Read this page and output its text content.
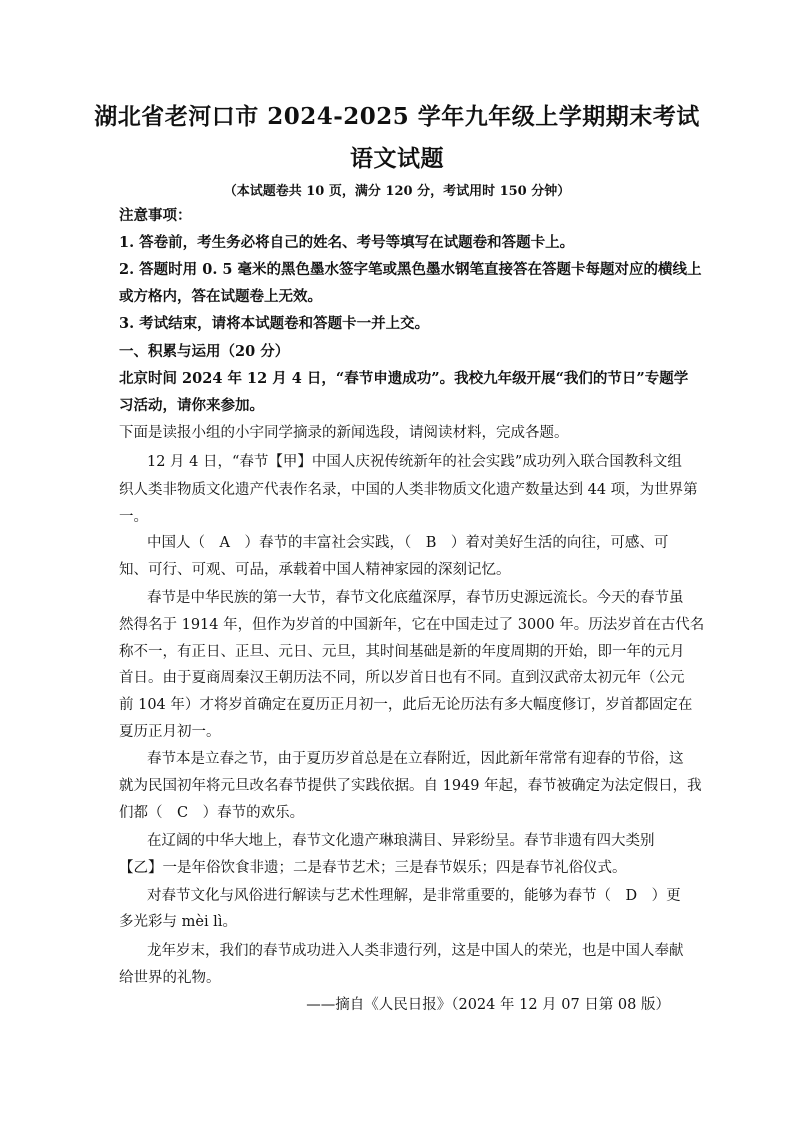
湖北省老河口市 2024-2025 学年九年级上学期期末考试
语文试题
（本试题卷共 10 页，满分 120 分，考试用时 150 分钟）
注意事项：
1. 答卷前，考生务必将自己的姓名、考号等填写在试题卷和答题卡上。
2. 答题时用 0. 5 毫米的黑色墨水签字笔或黑色墨水钢笔直接答在答题卡每题对应的横线上
或方格内，答在试题卷上无效。
3. 考试结束，请将本试题卷和答题卡一并上交。
一、积累与运用（20 分）
北京时间 2024 年 12 月 4 日，“春节申遗成功”。我校九年级开展“我们的节日”专题学
习活动，请你来参加。
下面是读报小组的小宇同学摘录的新闻选段，请阅读材料，完成各题。
12 月 4 日，“春节【甲】中国人庆祝传统新年的社会实践”成功列入联合国教科文组
织人类非物质文化遗产代表作名录，中国的人类非物质文化遗产数量达到 44 项，为世界第
一。
中国人（　A　）春节的丰富社会实践，（　B　）着对美好生活的向往，可感、可
知、可行、可观、可品，承载着中国人精神家园的深刻记忆。
春节是中华民族的第一大节，春节文化底蕴深厚，春节历史源远流长。今天的春节虽
然得名于 1914 年，但作为岁首的中国新年，它在中国走过了 3000 年。历法岁首在古代名
称不一，有正日、正旦、元日、元旦，其时间基础是新的年度周期的开始，即一年的元月
首日。由于夏商周秦汉王朝历法不同，所以岁首日也有不同。直到汉武帝太初元年（公元
前 104 年）才将岁首确定在夏历正月初一，此后无论历法有多大幅度修订，岁首都固定在
夏历正月初一。
春节本是立春之节，由于夏历岁首总是在立春附近，因此新年常常有迎春的节俗，这
就为民国初年将元旦改名春节提供了实践依据。自 1949 年起，春节被确定为法定假日，我
们都（　C　）春节的欢乐。
在辽阔的中华大地上，春节文化遗产琳琅满目、异彩纷呈。春节非遗有四大类别
【乙】一是年俗饮食非遗；二是春节艺术；三是春节娱乐；四是春节礼俗仪式。
对春节文化与风俗进行解读与艺术性理解，是非常重要的，能够为春节（　D　）更
多光彩与 mèi lì。
龙年岁末，我们的春节成功进入人类非遗行列，这是中国人的荣光，也是中国人奉献
给世界的礼物。
——摘自《人民日报》（2024 年 12 月 07 日第 08 版）
